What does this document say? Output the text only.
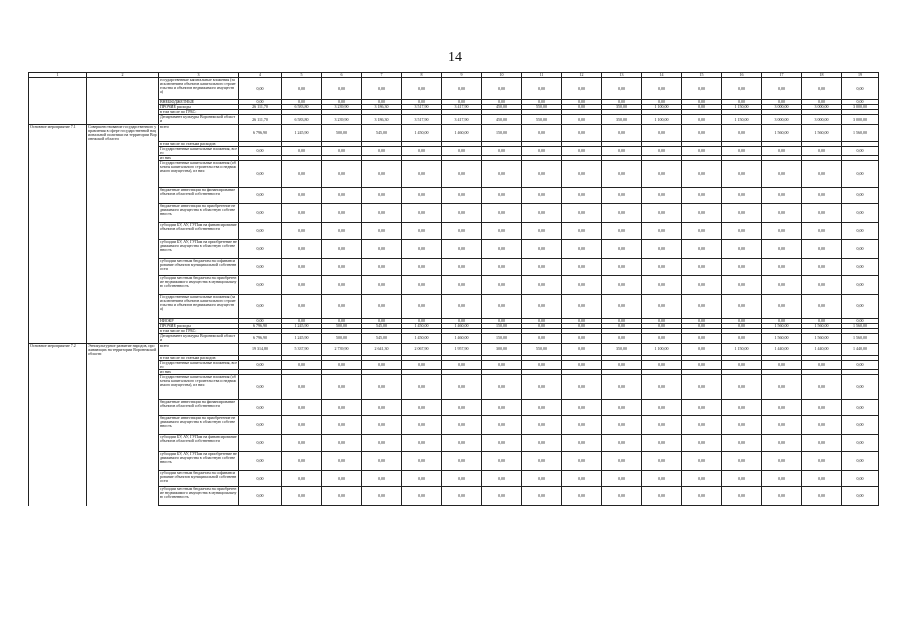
14
1	2	3	4	5	6	7	8	9	10	11	12	13	14	15	16	17	18	19
		государственные капитальные вложения (за исключением объектов капитального строительства и объектов недвижимого имущества)	0,00	0,00	0,00	0,00	0,00	0,00	0,00	0,00	0,00	0,00	0,00	0,00	0,00	0,00	0,00	0,00
		ВНЕБЮДЖЕТНЫЕ	0,00	0,00	0,00	0,00	0,00	0,00	0,00	0,00	0,00	0,00	0,00	0,00	0,00	0,00	0,00	0,00
		ПРОЧИЕ расходы	26 111,70	6 583,80	3 239,90	3 186,30	3 517,90	3 417,90	450,00	550,00	0,00	350,00	1 100,00	0,00	1 150,00	3 000,00	3 000,00	3 000,00
		в том числе по ГРБС:																
		Департамент культуры Воронежской области	26 111,70	6 583,80	3 239,90	3 186,30	3 517,90	3 417,90	450,00	550,00	0,00	350,00	1 100,00	0,00	1 150,00	3 000,00	3 000,00	3 000,00
Основное мероприятие 7.1	Совершенствование государственного управления в сфере государственной национальной политики на территории Воронежской области	всего	6 796,90	1 245,90	500,00	545,00	1 450,00	1 460,00	150,00	0,00	0,00	0,00	0,00	0,00	0,00	1 560,00	1 560,00	1 560,00
		в том числе по статьям расходов:																
		Государственные капитальные вложения, всего	0,00	0,00	0,00	0,00	0,00	0,00	0,00	0,00	0,00	0,00	0,00	0,00	0,00	0,00	0,00	0,00
		из них																
		Государственные капитальные вложения (объекты капитального строительства и недвижимого имущества), из них:	0,00	0,00	0,00	0,00	0,00	0,00	0,00	0,00	0,00	0,00	0,00	0,00	0,00	0,00	0,00	0,00
		бюджетные инвестиции на финансирование объектов областной собственности	0,00	0,00	0,00	0,00	0,00	0,00	0,00	0,00	0,00	0,00	0,00	0,00	0,00	0,00	0,00	0,00
		бюджетные инвестиции на приобретение недвижимого имущества в областную собственность	0,00	0,00	0,00	0,00	0,00	0,00	0,00	0,00	0,00	0,00	0,00	0,00	0,00	0,00	0,00	0,00
		субсидии БУ, АУ, ГУПам на финансирование объектов областной собственности	0,00	0,00	0,00	0,00	0,00	0,00	0,00	0,00	0,00	0,00	0,00	0,00	0,00	0,00	0,00	0,00
		субсидии БУ, АУ, ГУПам на приобретение недвижимого имущества в областную собственность	0,00	0,00	0,00	0,00	0,00	0,00	0,00	0,00	0,00	0,00	0,00	0,00	0,00	0,00	0,00	0,00
		субсидии местным бюджетам на софинансирование объектов муниципальной собственности	0,00	0,00	0,00	0,00	0,00	0,00	0,00	0,00	0,00	0,00	0,00	0,00	0,00	0,00	0,00	0,00
		субсидии местным бюджетам на приобретение недвижимого имущества в муниципальную собственность	0,00	0,00	0,00	0,00	0,00	0,00	0,00	0,00	0,00	0,00	0,00	0,00	0,00	0,00	0,00	0,00
		Государственные капитальные вложения (за исключением объектов капитального строительства и объектов недвижимого имущества)	0,00	0,00	0,00	0,00	0,00	0,00	0,00	0,00	0,00	0,00	0,00	0,00	0,00	0,00	0,00	0,00
		НИОКР	0,00	0,00	0,00	0,00	0,00	0,00	0,00	0,00	0,00	0,00	0,00	0,00	0,00	0,00	0,00	0,00
		ПРОЧИЕ расходы	6 796,90	1 245,90	500,00	545,00	1 450,00	1 460,00	150,00	0,00	0,00	0,00	0,00	0,00	0,00	1 560,00	1 560,00	1 560,00
		в том числе по ГРБС:																
		Департамент культуры Воронежской области	6 796,90	1 245,90	500,00	545,00	1 450,00	1 460,00	150,00	0,00	0,00	0,00	0,00	0,00	0,00	1 560,00	1 560,00	1 560,00
Основное мероприятие 7.2	Этнокультурное развитие народов, проживающих на территории Воронежской области	всего	19 314,80	5 337,90	2 739,90	2 641,30	2 067,90	1 957,90	300,00	550,00	0,00	350,00	1 100,00	0,00	1 150,00	1 440,00	1 440,00	1 440,00
		в том числе по статьям расходов:																
		Государственные капитальные вложения, всего	0,00	0,00	0,00	0,00	0,00	0,00	0,00	0,00	0,00	0,00	0,00	0,00	0,00	0,00	0,00	0,00
		из них																
		Государственные капитальные вложения (объекты капитального строительства и недвижимого имущества), из них:	0,00	0,00	0,00	0,00	0,00	0,00	0,00	0,00	0,00	0,00	0,00	0,00	0,00	0,00	0,00	0,00
		бюджетные инвестиции на финансирование объектов областной собственности	0,00	0,00	0,00	0,00	0,00	0,00	0,00	0,00	0,00	0,00	0,00	0,00	0,00	0,00	0,00	0,00
		бюджетные инвестиции на приобретение недвижимого имущества в областную собственность	0,00	0,00	0,00	0,00	0,00	0,00	0,00	0,00	0,00	0,00	0,00	0,00	0,00	0,00	0,00	0,00
		субсидии БУ, АУ, ГУПам на финансирование объектов областной собственности	0,00	0,00	0,00	0,00	0,00	0,00	0,00	0,00	0,00	0,00	0,00	0,00	0,00	0,00	0,00	0,00
		субсидии БУ, АУ, ГУПам на приобретение недвижимого имущества в областную собственность	0,00	0,00	0,00	0,00	0,00	0,00	0,00	0,00	0,00	0,00	0,00	0,00	0,00	0,00	0,00	0,00
		субсидии местным бюджетам на софинансирование объектов муниципальной собственности	0,00	0,00	0,00	0,00	0,00	0,00	0,00	0,00	0,00	0,00	0,00	0,00	0,00	0,00	0,00	0,00
		субсидии местным бюджетам на приобретение недвижимого имущества в муниципальную собственность	0,00	0,00	0,00	0,00	0,00	0,00	0,00	0,00	0,00	0,00	0,00	0,00	0,00	0,00	0,00	0,00
